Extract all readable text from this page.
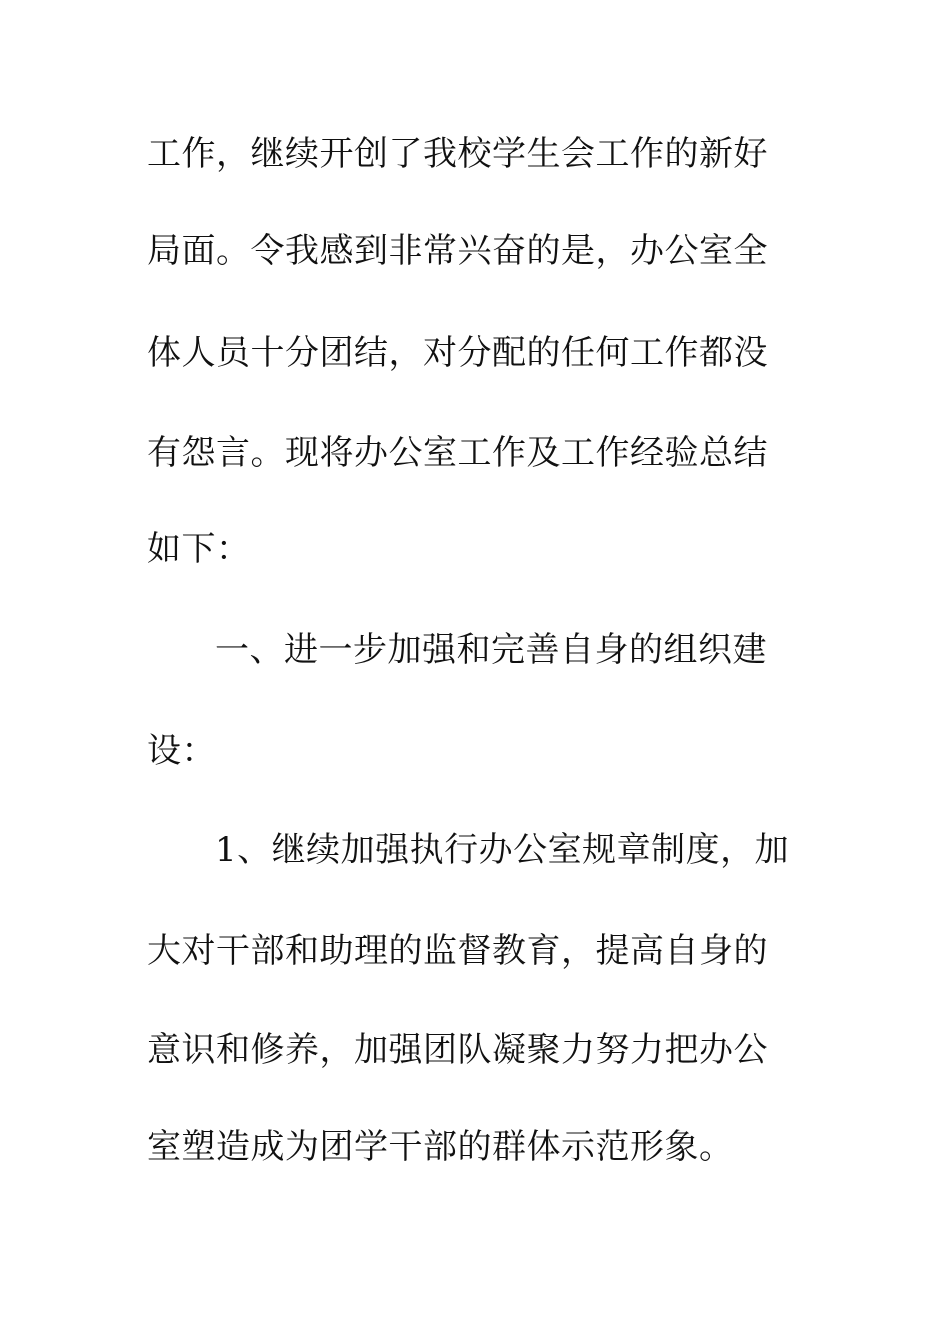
工作，继续开创了我校学生会工作的新好
局面。令我感到非常兴奋的是，办公室全
体人员十分团结，对分配的任何工作都没
有怨言。现将办公室工作及工作经验总结
如下：
一、进一步加强和完善自身的组织建
设：
1、继续加强执行办公室规章制度，加
大对干部和助理的监督教育，提高自身的
意识和修养，加强团队凝聚力努力把办公
室塑造成为团学干部的群体示范形象。
